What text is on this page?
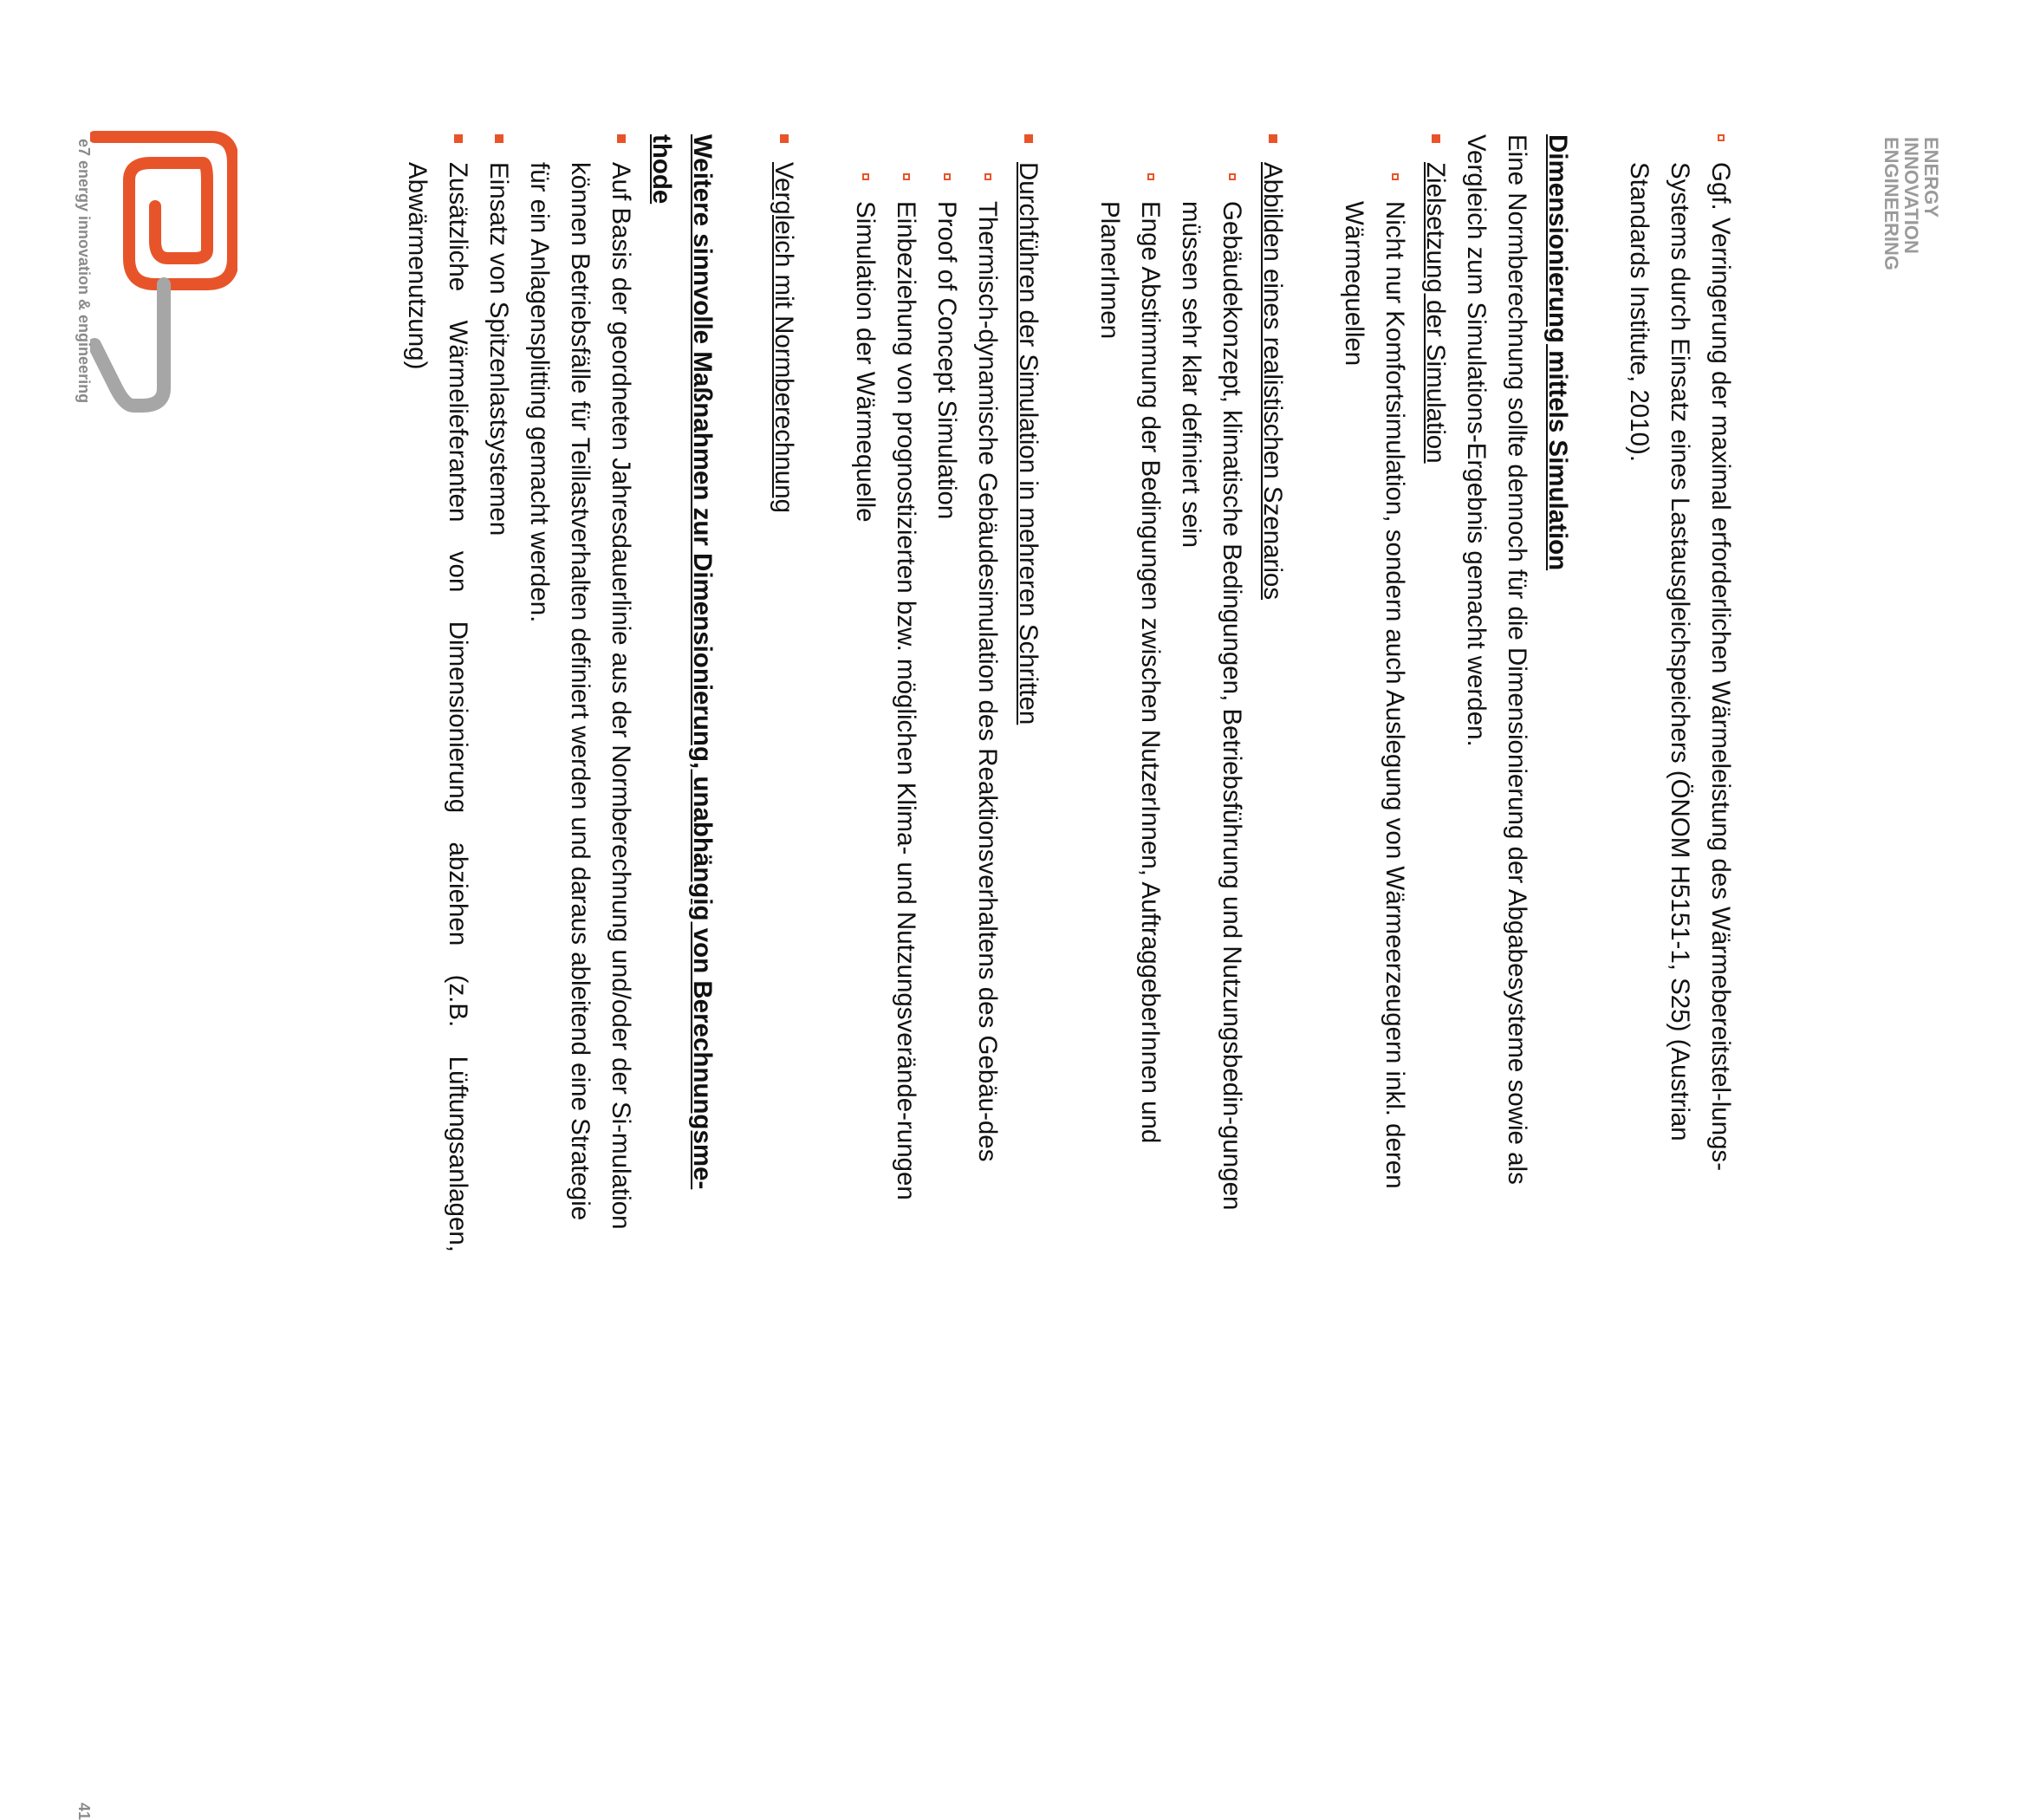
Ggf. Verringerung der maximal erforderlichen Wärmeleistung des Wärmebereitstel-lungs-Systems durch Einsatz eines Lastausgleichspeichers (ÖNOM H5151-1, S25) (Austrian Standards Institute, 2010).

Dimensionierung mittels Simulation

Eine Normberechnung sollte dennoch für die Dimensionierung der Abgabesysteme sowie als Vergleich zum Simulations-Ergebnis gemacht werden.

Zielsetzung der Simulation
Nicht nur Komfortsimulation, sondern auch Auslegung von Wärmeerzeugern inkl. deren Wärmequellen
Abbilden eines realistischen Szenarios
Gebäudekonzept, klimatische Bedingungen, Betriebsführung und Nutzungsbedin-gungen müssen sehr klar definiert sein
Enge Abstimmung der Bedingungen zwischen NutzerInnen, AuftraggeberInnen und PlanerInnen
Durchführen der Simulation in mehreren Schritten
Thermisch-dynamische Gebäudesimulation des Reaktionsverhaltens des Gebäu-des
Proof of Concept Simulation
Einbeziehung von prognostizierten bzw. möglichen Klima- und Nutzungsverände-rungen
Simulation der Wärmequelle
Vergleich mit Normberechnung

Weitere sinnvolle Maßnahmen zur Dimensionierung, unabhängig von Berechnungsme-thode

Auf Basis der geordneten Jahresdauerlinie aus der Normberechnung und/oder der Si-mulation können Betriebsfälle für Teillastverhalten definiert werden und daraus ableitend eine Strategie für ein Anlagensplitting gemacht werden.
Einsatz von Spitzenlastsystemen
Zusätzliche Wärmelieferanten von Dimensionierung abziehen (z.B. Lüftungsanlagen, Abwärmenutzung)
e7 energy innovation & engineering
41
ENERGY
INNOVATION
ENGINEERING
